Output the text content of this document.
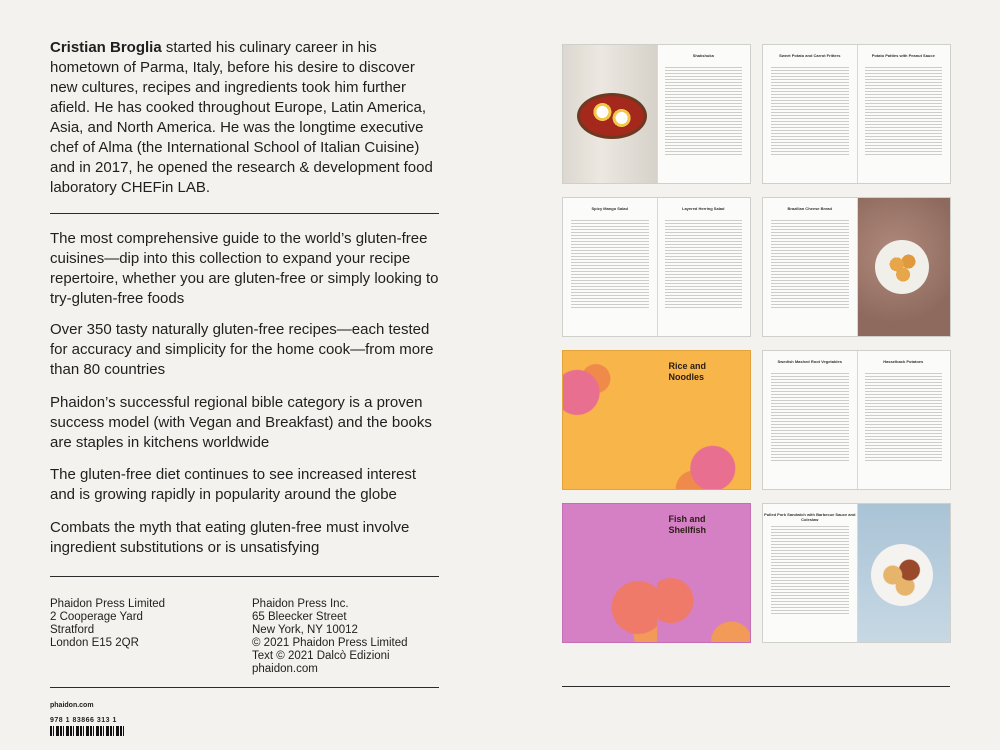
Cristian Broglia started his culinary career in his hometown of Parma, Italy, before his desire to discover new cultures, recipes and ingredients took him further afield. He has cooked throughout Europe, Latin America, Asia, and North America. He was the longtime executive chef of Alma (the International School of Italian Cuisine) and in 2017, he opened the research & development food laboratory CHEFin LAB.

The most comprehensive guide to the world’s gluten-free cuisines—dip into this collection to expand your recipe repertoire, whether you are gluten-free or simply looking to try-gluten-free foods

Over 350 tasty naturally gluten-free recipes—each tested for accuracy and simplicity for the home cook—from more than 80 countries

Phaidon’s successful regional bible category is a proven success model (with Vegan and Breakfast) and the books are staples in kitchens worldwide

The gluten-free diet continues to see increased interest and is growing rapidly in popularity around the globe

Combats the myth that eating gluten-free must involve ingredient substitutions or is unsatisfying

Phaidon Press Limited
2 Cooperage Yard
Stratford
London E15 2QR
Phaidon Press Inc.
65 Bleecker Street
New York, NY 10012
© 2021 Phaidon Press Limited
Text © 2021 Dalcò Edizioni
phaidon.com
phaidon.com
978 1 83866 313 1
Shakshuka	Sweet Potato and Carrot Fritters	Potato Patties with Peanut Sauce
Spicy Mango Salad	Layered Herring Salad	Brazilian Cheese Bread
Rice and
Noodles
Swedish Mashed Root Vegetables	Hasselback Potatoes
Fish and
Shellfish
Pulled Pork Sandwich with Barbecue Sauce and Coleslaw
